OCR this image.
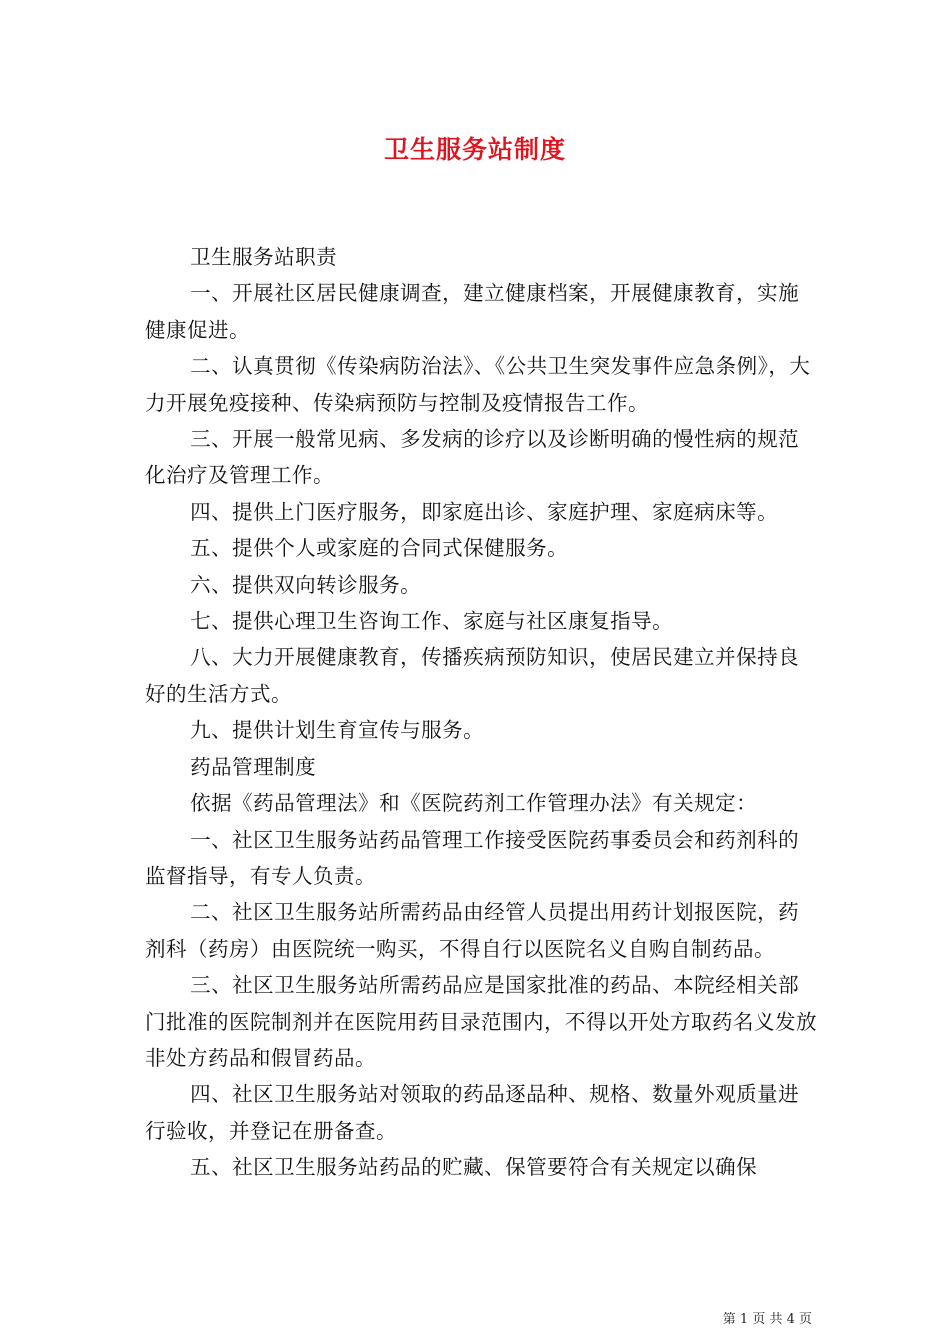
卫生服务站制度

卫生服务站职责

一、开展社区居民健康调查，建立健康档案，开展健康教育，实施健康促进。

二、认真贯彻《传染病防治法》、《公共卫生突发事件应急条例》，大力开展免疫接种、传染病预防与控制及疫情报告工作。

三、开展一般常见病、多发病的诊疗以及诊断明确的慢性病的规范化治疗及管理工作。

四、提供上门医疗服务，即家庭出诊、家庭护理、家庭病床等。

五、提供个人或家庭的合同式保健服务。

六、提供双向转诊服务。

七、提供心理卫生咨询工作、家庭与社区康复指导。

八、大力开展健康教育，传播疾病预防知识，使居民建立并保持良好的生活方式。

九、提供计划生育宣传与服务。

药品管理制度

依据《药品管理法》和《医院药剂工作管理办法》有关规定：

一、社区卫生服务站药品管理工作接受医院药事委员会和药剂科的监督指导，有专人负责。

二、社区卫生服务站所需药品由经管人员提出用药计划报医院，药剂科（药房）由医院统一购买，不得自行以医院名义自购自制药品。

三、社区卫生服务站所需药品应是国家批准的药品、本院经相关部门批准的医院制剂并在医院用药目录范围内，不得以开处方取药名义发放非处方药品和假冒药品。

四、社区卫生服务站对领取的药品逐品种、规格、数量外观质量进行验收，并登记在册备查。

五、社区卫生服务站药品的贮藏、保管要符合有关规定以确保

第 1 页 共 4 页
